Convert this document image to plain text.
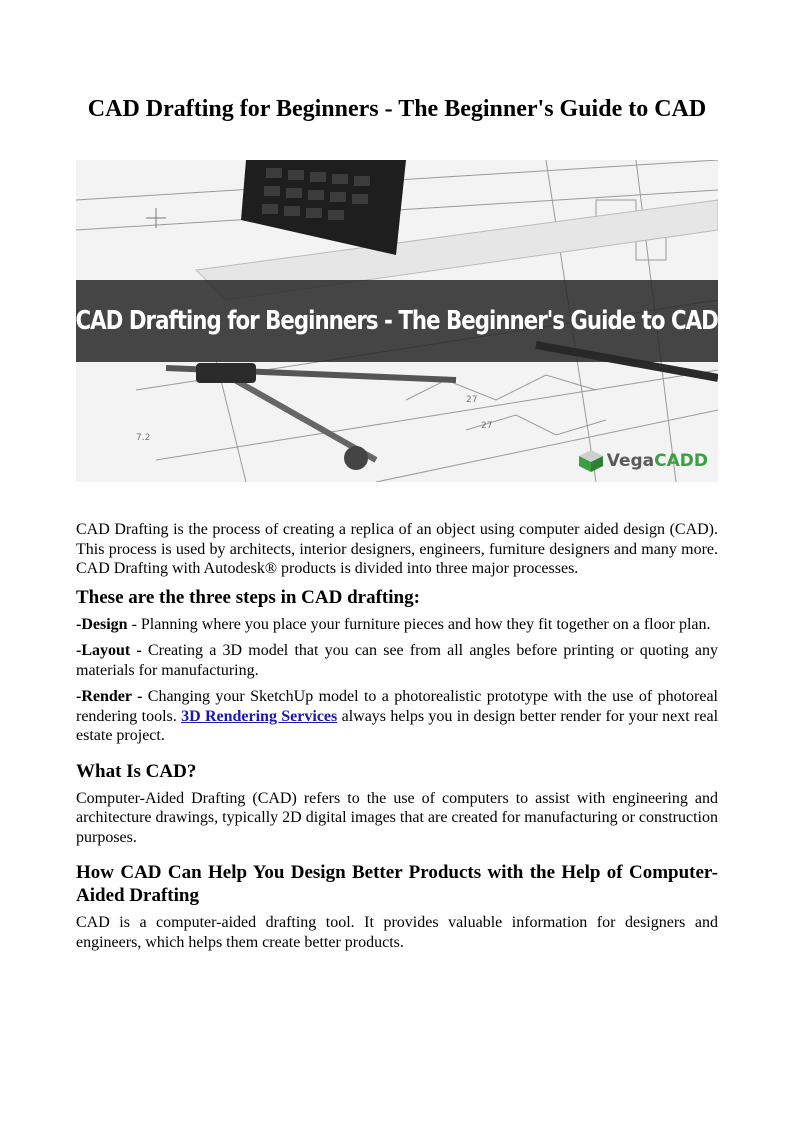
CAD Drafting for Beginners - The Beginner's Guide to CAD
27
27
7.2
CAD Drafting for Beginners - The Beginner's Guide to CAD
Vega CADD

CAD Drafting is the process of creating a replica of an object using computer aided design (CAD). This process is used by architects, interior designers, engineers, furniture designers and many more. CAD Drafting with Autodesk® products is divided into three major processes.

These are the three steps in CAD drafting:

-Design - Planning where you place your furniture pieces and how they fit together on a floor plan.

-Layout - Creating a 3D model that you can see from all angles before printing or quoting any materials for manufacturing.

-Render - Changing your SketchUp model to a photorealistic prototype with the use of photoreal rendering tools. 3D Rendering Services always helps you in design better render for your next real estate project.

What Is CAD?

Computer-Aided Drafting (CAD) refers to the use of computers to assist with engineering and architecture drawings, typically 2D digital images that are created for manufacturing or construction purposes.

How CAD Can Help You Design Better Products with the Help of Computer-Aided Drafting

CAD is a computer-aided drafting tool. It provides valuable information for designers and engineers, which helps them create better products.
